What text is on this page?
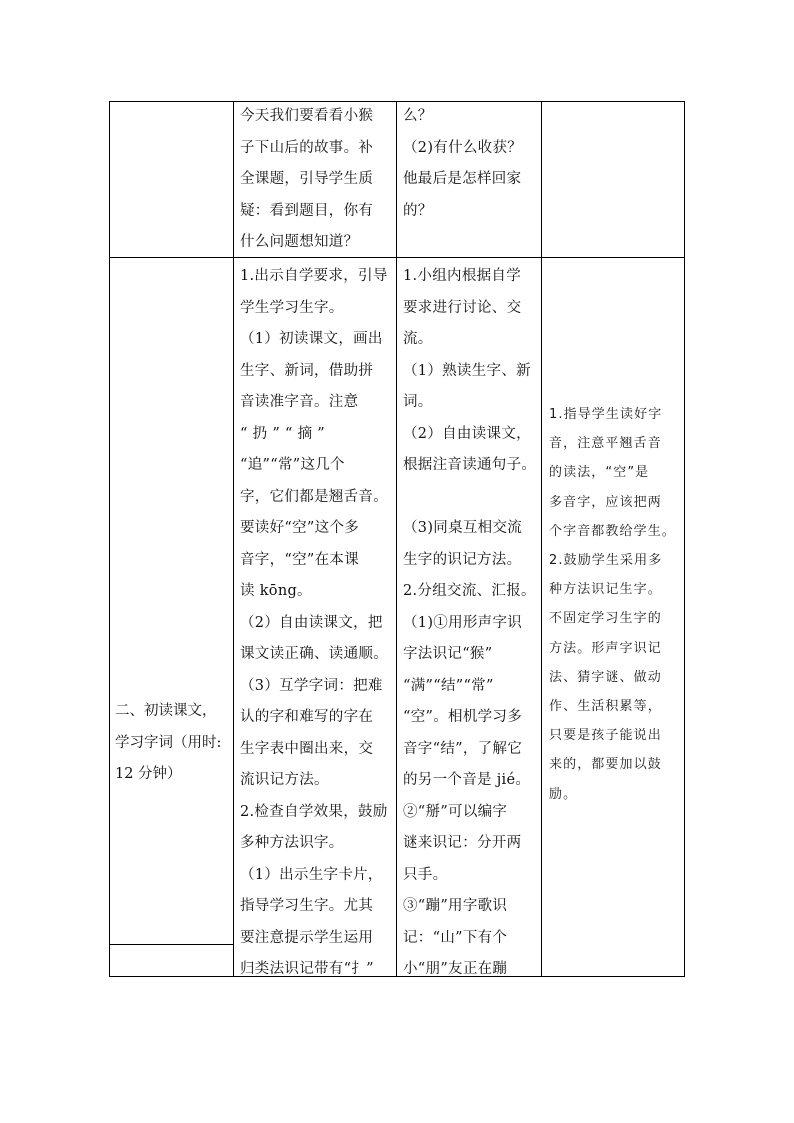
今天我们要看看小猴

子下山后的故事。补

全课题，引导学生质

疑：看到题目，你有

什么问题想知道？

么？

（2)有什么收获？

他最后是怎样回家

的？

二、初读课文，

学习字词（用时:

12 分钟）

1.出示自学要求，引导

学生学习生字。

（1）初读课文，画出

生字、新词，借助拼

音读准字音。注意

“ 扔 ” “ 摘 ”

“追”“常”这几个

字，它们都是翘舌音。

要读好“空”这个多

音字，“空”在本课

读 kōng。

（2）自由读课文，把

课文读正确、读通顺。

（3）互学字词：把难

认的字和难写的字在

生字表中圈出来，交

流识记方法。

2.检查自学效果，鼓励

多种方法识字。

（1）出示生字卡片，

指导学习生字。尤其

要注意提示学生运用

归类法识记带有“扌”

1.小组内根据自学

要求进行讨论、交

流。

（1）熟读生字、新

词。

（2）自由读课文，

根据注音读通句子。

（3)同桌互相交流

生字的识记方法。

2.分组交流、汇报。

（1)①用形声字识

字法识记“猴”

“满”“结”“常”

“空”。相机学习多

音字“结”，了解它

的另一个音是 jié。

②“掰”可以编字

谜来识记：分开两

只手。

③“蹦”用字歌识

记：“山”下有个

小“朋”友正在蹦

1.指导学生读好字

音，注意平翘舌音

的读法，“空”是

多音字，应该把两

个字音都教给学生。

2.鼓励学生采用多

种方法识记生字。

不固定学习生字的

方法。形声字识记

法、猜字谜、做动

作、生活积累等，

只要是孩子能说出

来的，都要加以鼓

励。
